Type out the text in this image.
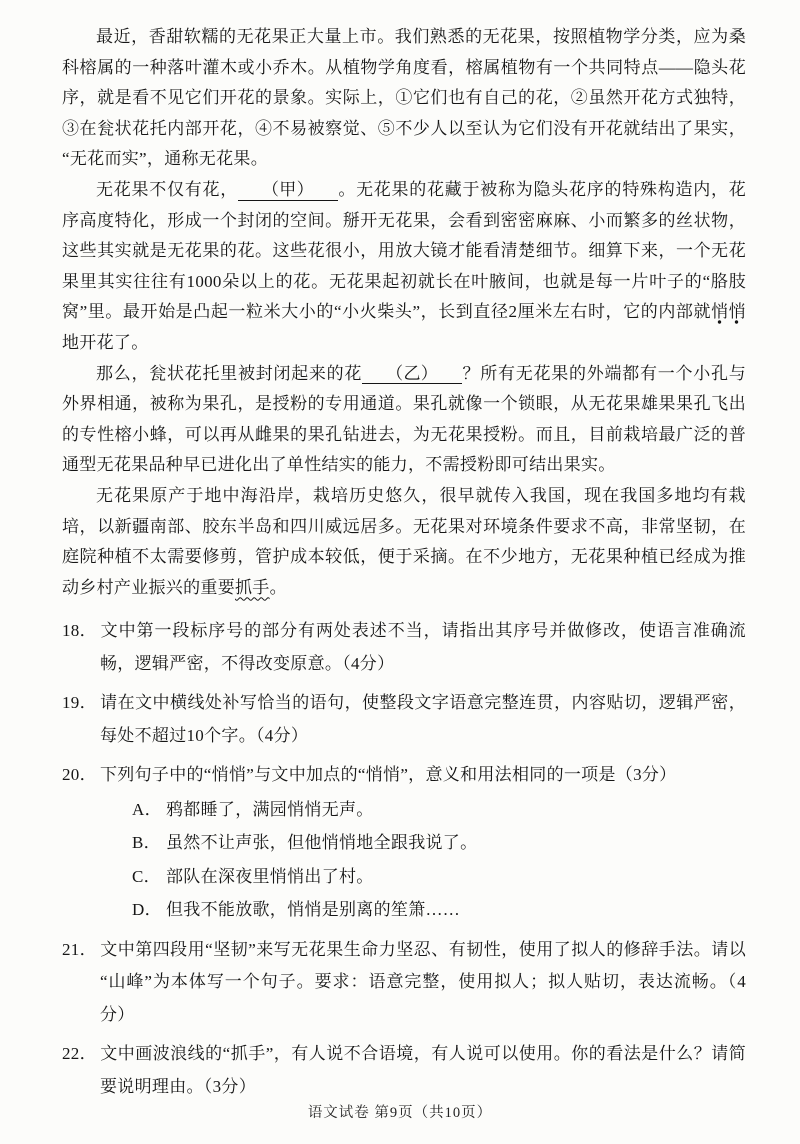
最近，香甜软糯的无花果正大量上市。我们熟悉的无花果，按照植物学分类，应为桑科榕属的一种落叶灌木或小乔木。从植物学角度看，榕属植物有一个共同特点——隐头花序，就是看不见它们开花的景象。实际上，①它们也有自己的花，②虽然开花方式独特，③在瓮状花托内部开花，④不易被察觉、⑤不少人以至认为它们没有开花就结出了果实，“无花而实”，通称无花果。

无花果不仅有花， （甲） 。无花果的花藏于被称为隐头花序的特殊构造内，花序高度特化，形成一个封闭的空间。掰开无花果，会看到密密麻麻、小而繁多的丝状物，这些其实就是无花果的花。这些花很小，用放大镜才能看清楚细节。细算下来，一个无花果里其实往往有1000朵以上的花。无花果起初就长在叶腋间，也就是每一片叶子的“胳肢窝”里。最开始是凸起一粒米大小的“小火柴头”，长到直径2厘米左右时，它的内部就悄悄地开花了。

那么，瓮状花托里被封闭起来的花 （乙） ？所有无花果的外端都有一个小孔与外界相通，被称为果孔，是授粉的专用通道。果孔就像一个锁眼，从无花果雄果果孔飞出的专性榕小蜂，可以再从雌果的果孔钻进去，为无花果授粉。而且，目前栽培最广泛的普通型无花果品种早已进化出了单性结实的能力，不需授粉即可结出果实。

无花果原产于地中海沿岸，栽培历史悠久，很早就传入我国，现在我国多地均有栽培，以新疆南部、胶东半岛和四川威远居多。无花果对环境条件要求不高，非常坚韧，在庭院种植不太需要修剪，管护成本较低，便于采摘。在不少地方，无花果种植已经成为推动乡村产业振兴的重要抓手。

18． 文中第一段标序号的部分有两处表述不当，请指出其序号并做修改，使语言准确流畅，逻辑严密，不得改变原意。（4分）
19． 请在文中横线处补写恰当的语句，使整段文字语意完整连贯，内容贴切，逻辑严密，每处不超过10个字。（4分）
20． 下列句子中的“悄悄”与文中加点的“悄悄”，意义和用法相同的一项是（3分）
A． 鸦都睡了，满园悄悄无声。
B． 虽然不让声张，但他悄悄地全跟我说了。
C． 部队在深夜里悄悄出了村。
D． 但我不能放歌，悄悄是别离的笙箫……
21． 文中第四段用“坚韧”来写无花果生命力坚忍、有韧性，使用了拟人的修辞手法。请以“山峰”为本体写一个句子。要求：语意完整，使用拟人；拟人贴切，表达流畅。（4分）
22． 文中画波浪线的“抓手”，有人说不合语境，有人说可以使用。你的看法是什么？请简要说明理由。（3分）
语文试卷 第9页（共10页）
